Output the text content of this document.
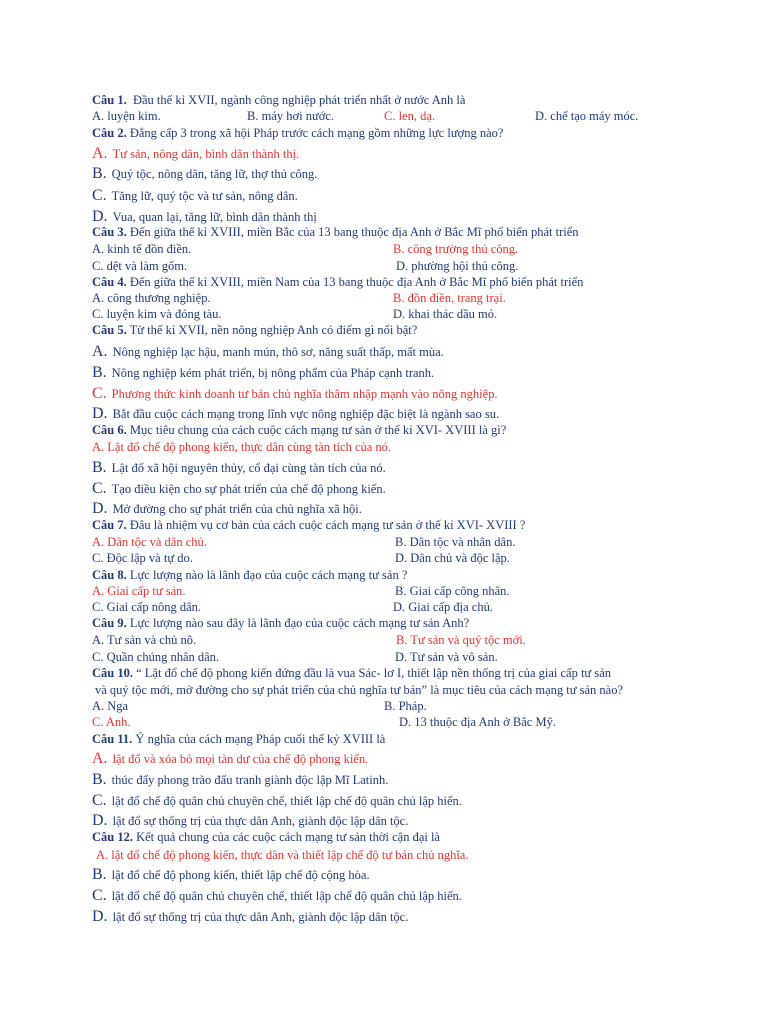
Câu 1. Đầu thế kỉ XVII, ngành công nghiệp phát triển nhất ở nước Anh là
A. luyện kim.	B. máy hơi nước.	C. len, dạ.	D. chế tạo máy móc.
Câu 2. Đẳng cấp 3 trong xã hội Pháp trước cách mạng gồm những lực lượng nào?
A. Tư sản, nông dân, bình dân thành thị.
B. Quý tộc, nông dân, tăng lữ, thợ thủ công.
C. Tăng lữ, quý tộc và tư sản, nông dân.
D. Vua, quan lại, tăng lữ, bình dân thành thị
Câu 3. Đến giữa thế kỉ XVIII, miền Bắc của 13 bang thuộc địa Anh ở Bắc Mĩ phổ biến phát triển
A. kinh tế đồn điền.	B. công trường thủ công.
C. dệt và làm gốm.	D. phường hội thủ công.
Câu 4. Đến giữa thế kỉ XVIII, miền Nam của 13 bang thuộc địa Anh ở Bắc Mĩ phổ biến phát triển
A. công thương nghiệp.	B. đồn điền, trang trại.
C. luyện kim và đóng tàu.	D. khai thác dầu mỏ.
Câu 5. Từ thế kỉ XVII, nền nông nghiệp Anh có điểm gì nổi bật?
A. Nông nghiệp lạc hậu, manh mún, thô sơ, năng suất thấp, mất mùa.
B. Nông nghiệp kém phát triển, bị nông phẩm của Pháp cạnh tranh.
C. Phương thức kinh doanh tư bản chủ nghĩa thâm nhập mạnh vào nông nghiệp.
D. Bắt đầu cuộc cách mạng trong lĩnh vực nông nghiệp đặc biệt là ngành sao su.
Câu 6. Mục tiêu chung của cách cuộc cách mạng tư sản ở thế kỉ XVI- XVIII là gì?
A. Lật đổ chế độ phong kiến, thực dân cùng tàn tích của nó.
B. Lật đổ xã hội nguyên thủy, cổ đại cùng tàn tích của nó.
C. Tạo điều kiện cho sự phát triển của chế độ phong kiến.
D. Mở đường cho sự phát triển của chủ nghĩa xã hội.
Câu 7. Đâu là nhiệm vụ cơ bản của cách cuộc cách mạng tư sản ở thế kỉ XVI- XVIII ?
A. Dân tộc và dân chủ.	B. Dân tộc và nhân dân.
C. Độc lập và tự do.	D. Dân chủ và độc lập.
Câu 8. Lực lượng nào là lãnh đạo của cuộc cách mạng tư sản ?
A. Giai cấp tư sản.	B. Giai cấp công nhân.
C. Giai cấp nông dân.	D. Giai cấp địa chủ.
Câu 9. Lực lượng nào sau đây là lãnh đạo của cuộc cách mạng tư sản Anh?
A. Tư sản và chủ nô.	B. Tư sản và quý tộc mới.
C. Quần chúng nhân dân.	D. Tư sản và vô sản.
Câu 10. “ Lật đổ chế độ phong kiến đứng đầu là vua Sác- lơ I, thiết lập nền thống trị của giai cấp tư sản
và quý tộc mới, mở đường cho sự phát triển của chủ nghĩa tư bản” là mục tiêu của cách mạng tư sản nào?
A. Nga	B. Pháp.
C. Anh.	D. 13 thuộc địa Anh ở Bắc Mỹ.
Câu 11. Ý nghĩa của cách mạng Pháp cuối thế kỷ XVIII là
A. lật đổ và xóa bỏ mọi tàn dư của chế độ phong kiến.
B. thúc đẩy phong trào đấu tranh giành độc lập Mĩ Latinh.
C. lật đổ chế độ quân chủ chuyên chế, thiết lập chế độ quân chủ lập hiến.
D. lật đổ sự thống trị của thực dân Anh, giành độc lập dân tộc.
Câu 12. Kết quả chung của các cuộc cách mạng tư sản thời cận đại là
A. lật đổ chế độ phong kiến, thực dân và thiết lập chế độ tư bản chủ nghĩa.
B. lật đổ chế độ phong kiến, thiết lập chế độ cộng hòa.
C. lật đổ chế độ quân chủ chuyên chế, thiết lập chế độ quân chủ lập hiến.
D. lật đổ sự thống trị của thực dân Anh, giành độc lập dân tộc.
